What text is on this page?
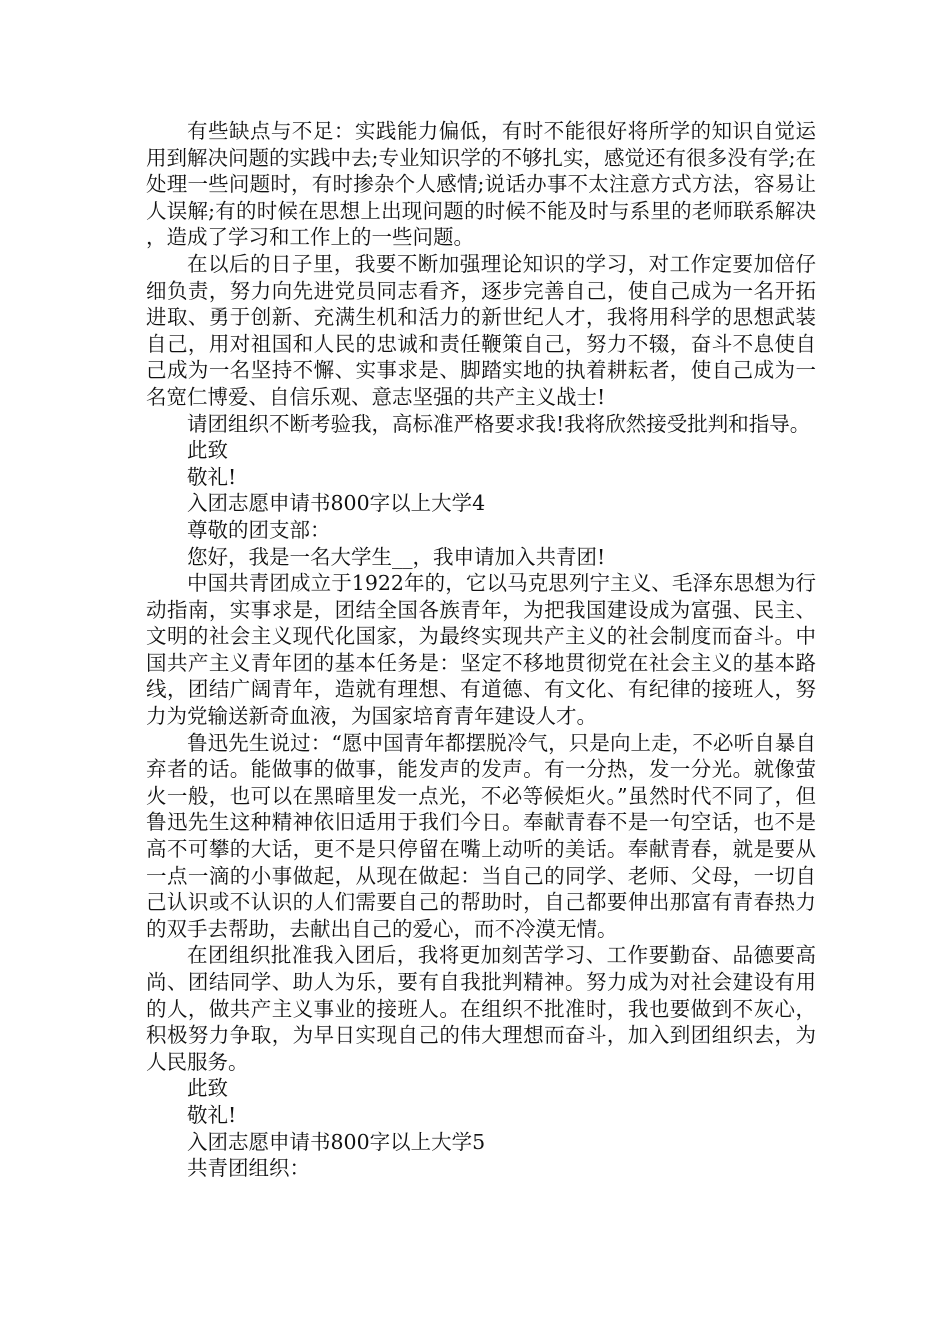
有些缺点与不足：实践能力偏低，有时不能很好将所学的知识自觉运用到解决问题的实践中去;专业知识学的不够扎实，感觉还有很多没有学;在处理一些问题时，有时掺杂个人感情;说话办事不太注意方式方法，容易让人误解;有的时候在思想上出现问题的时候不能及时与系里的老师联系解决，造成了学习和工作上的一些问题。

在以后的日子里，我要不断加强理论知识的学习，对工作定要加倍仔细负责，努力向先进党员同志看齐，逐步完善自己，使自己成为一名开拓进取、勇于创新、充满生机和活力的新世纪人才，我将用科学的思想武装自己，用对祖国和人民的忠诚和责任鞭策自己，努力不辍，奋斗不息使自己成为一名坚持不懈、实事求是、脚踏实地的执着耕耘者，使自己成为一名宽仁博爱、自信乐观、意志坚强的共产主义战士!

请团组织不断考验我，高标准严格要求我!我将欣然接受批判和指导。

此致

敬礼!

入团志愿申请书800字以上大学4

尊敬的团支部：

您好，我是一名大学生__，我申请加入共青团!

中国共青团成立于1922年的，它以马克思列宁主义、毛泽东思想为行动指南，实事求是，团结全国各族青年，为把我国建设成为富强、民主、文明的社会主义现代化国家，为最终实现共产主义的社会制度而奋斗。中国共产主义青年团的基本任务是：坚定不移地贯彻党在社会主义的基本路线，团结广阔青年，造就有理想、有道德、有文化、有纪律的接班人，努力为党输送新奇血液，为国家培育青年建设人才。

鲁迅先生说过：“愿中国青年都摆脱冷气，只是向上走，不必听自暴自弃者的话。能做事的做事，能发声的发声。有一分热，发一分光。就像萤火一般，也可以在黑暗里发一点光，不必等候炬火。”虽然时代不同了，但鲁迅先生这种精神依旧适用于我们今日。奉献青春不是一句空话，也不是高不可攀的大话，更不是只停留在嘴上动听的美话。奉献青春，就是要从一点一滴的小事做起，从现在做起：当自己的同学、老师、父母，一切自己认识或不认识的人们需要自己的帮助时，自己都要伸出那富有青春热力的双手去帮助，去献出自己的爱心，而不冷漠无情。

在团组织批准我入团后，我将更加刻苦学习、工作要勤奋、品德要高尚、团结同学、助人为乐，要有自我批判精神。努力成为对社会建设有用的人，做共产主义事业的接班人。在组织不批准时，我也要做到不灰心，积极努力争取，为早日实现自己的伟大理想而奋斗，加入到团组织去，为人民服务。

此致

敬礼!

入团志愿申请书800字以上大学5

共青团组织：
